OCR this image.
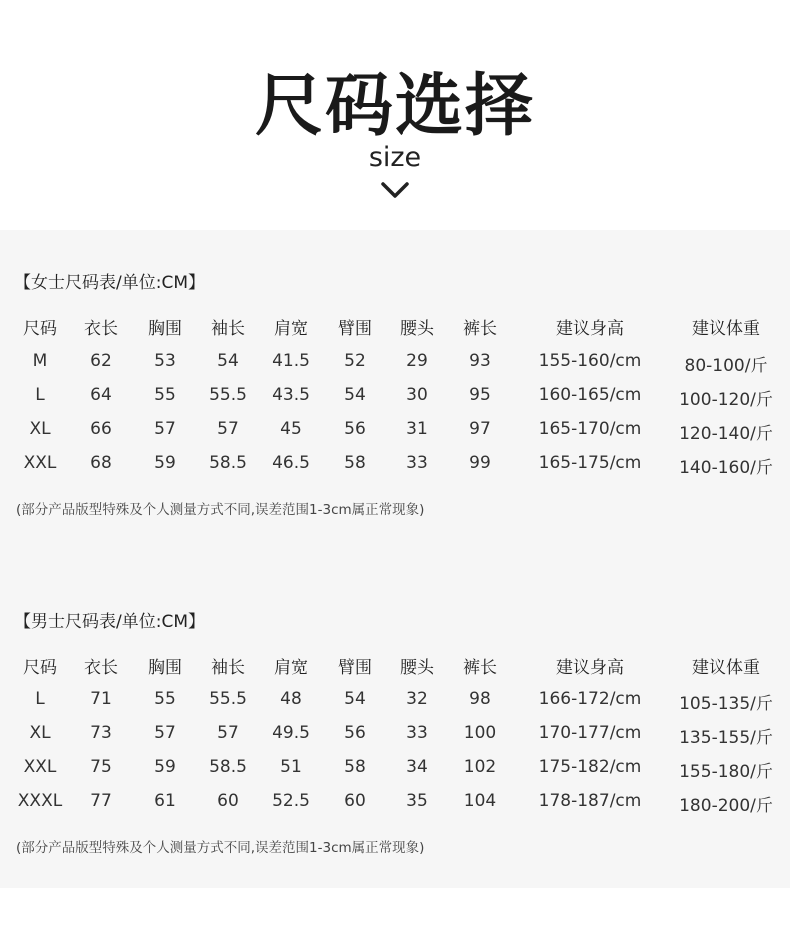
尺码选择
size
【女士尺码表/单位:CM】
尺码 衣长 胸围 袖长 肩宽 臂围 腰头 裤长	建议身高	建议体重
M	62 53 54 41.5 52 29 93	155-160/cm	80-100/斤
L	64 55 55.5 43.5 54 30 95	160-165/cm 100-120/斤
XL 66 57 57 45 56 31 97	165-170/cm 120-140/斤
XXL 68 59 58.5 46.5 58 33 99	165-175/cm 140-160/斤
(部分产品版型特殊及个人测量方式不同,误差范围1-3cm属正常现象)
【男士尺码表/单位:CM】
尺码 衣长 胸围 袖长 肩宽 臂围 腰头 裤长	建议身高	建议体重
L	71 55 55.5 48 54 32 98	166-172/cm 105-135/斤
XL 73 57 57 49.5 56 33 100 170-177/cm 135-155/斤
XXL 75 59 58.5 51 58 34 102 175-182/cm 155-180/斤
XXXL 77 61 60 52.5 60 35 104 178-187/cm 180-200/斤
(部分产品版型特殊及个人测量方式不同,误差范围1-3cm属正常现象)
